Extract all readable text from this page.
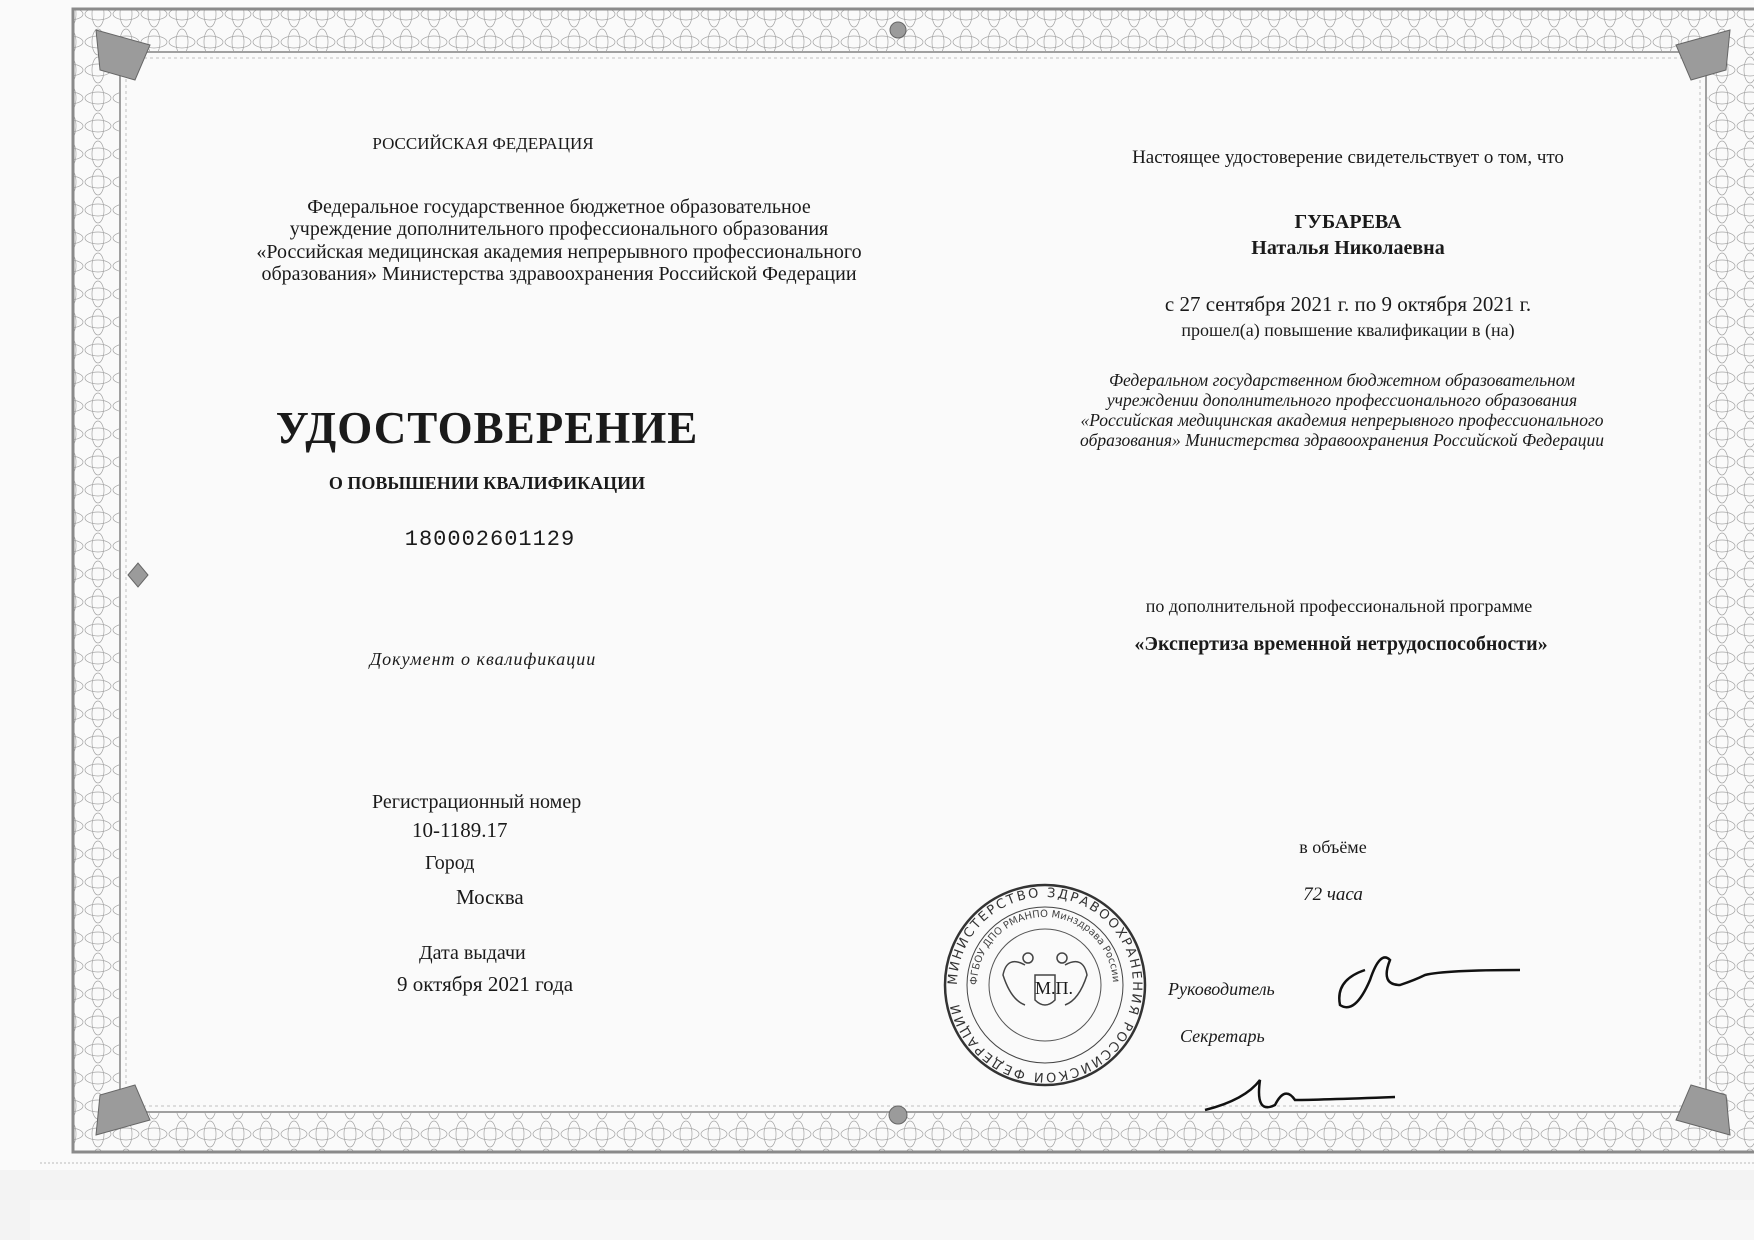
РОССИЙСКАЯ ФЕДЕРАЦИЯ
Федеральное государственное бюджетное образовательное
учреждение дополнительного профессионального образования
«Российская медицинская академия непрерывного профессионального
образования» Министерства здравоохранения Российской Федерации
УДОСТОВЕРЕНИЕ
О ПОВЫШЕНИИ КВАЛИФИКАЦИИ
180002601129
Документ о квалификации
Регистрационный номер
10-1189.17
Город
Москва
Дата выдачи
9 октября 2021 года
Настоящее удостоверение свидетельствует о том, что
ГУБАРЕВА
Наталья Николаевна
с 27 сентября 2021 г. по 9 октября 2021 г.
прошел(а) повышение квалификации в (на)
Федеральном государственном бюджетном образовательном
учреждении дополнительного профессионального образования
«Российская медицинская академия непрерывного профессионального
образования» Министерства здравоохранения Российской Федерации
по дополнительной профессиональной программе
«Экспертиза временной нетрудоспособности»
в объёме
72 часа
МИНИСТЕРСТВО ЗДРАВООХРАНЕНИЯ РОССИЙСКОЙ ФЕДЕРАЦИИ
ФГБОУ ДПО РМАНПО Минздрава России
М.П.	Руководитель
Секретарь
